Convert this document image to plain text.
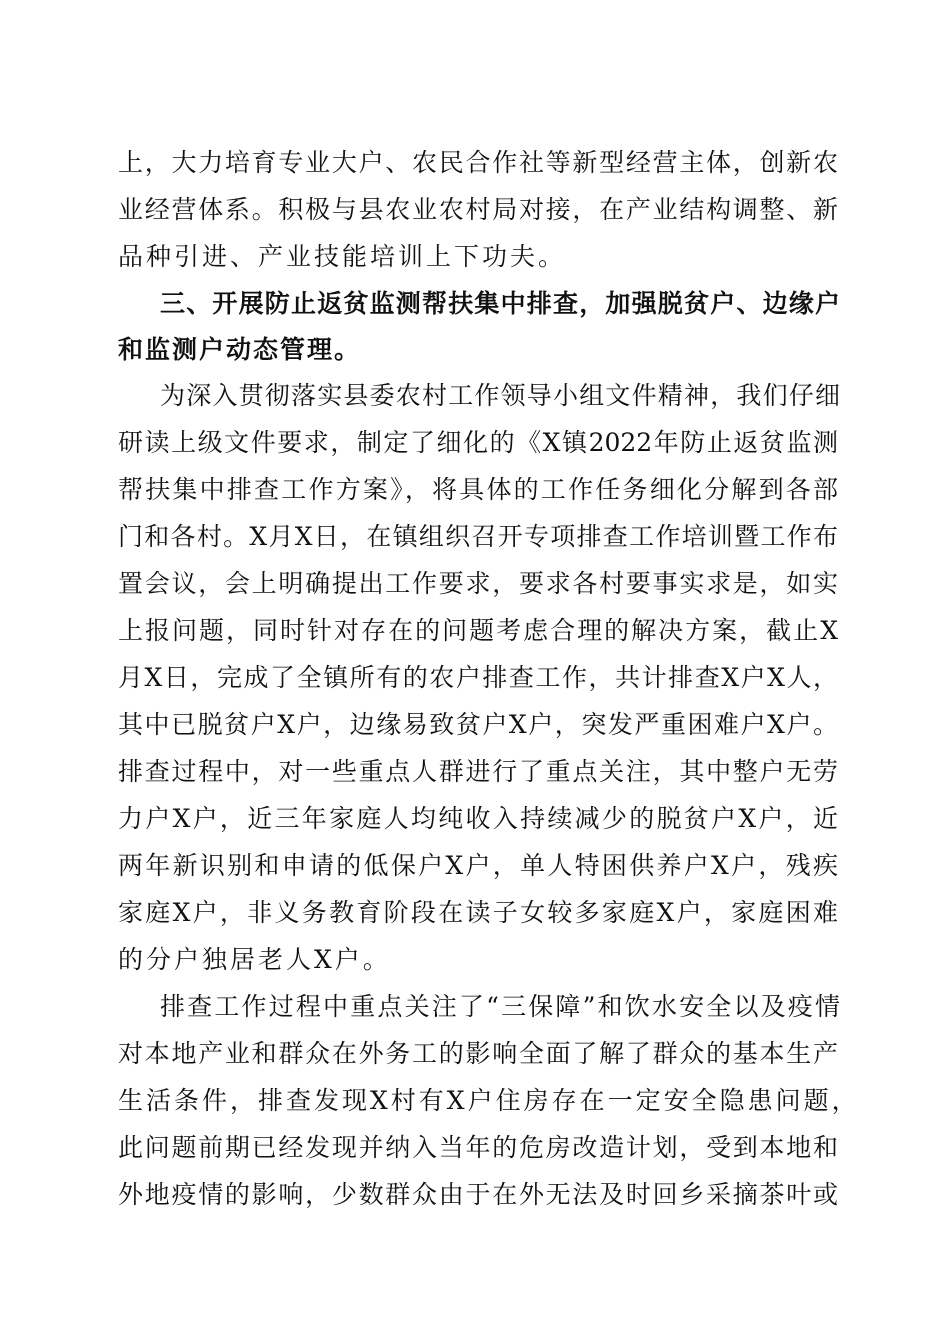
上，大力培育专业大户、农民合作社等新型经营主体，创新农
业经营体系。积极与县农业农村局对接，在产业结构调整、新
品种引进、产业技能培训上下功夫。
三、开展防止返贫监测帮扶集中排查，加强脱贫户、边缘户
和监测户动态管理。
为深入贯彻落实县委农村工作领导小组文件精神，我们仔细
研读上级文件要求，制定了细化的《X镇2022年防止返贫监测
帮扶集中排查工作方案》，将具体的工作任务细化分解到各部
门和各村。X月X日，在镇组织召开专项排查工作培训暨工作布
置会议，会上明确提出工作要求，要求各村要事实求是，如实
上报问题，同时针对存在的问题考虑合理的解决方案，截止X
月X日，完成了全镇所有的农户排查工作，共计排查X户X人，
其中已脱贫户X户，边缘易致贫户X户，突发严重困难户X户。
排查过程中，对一些重点人群进行了重点关注，其中整户无劳
力户X户，近三年家庭人均纯收入持续减少的脱贫户X户，近
两年新识别和申请的低保户X户，单人特困供养户X户，残疾
家庭X户，非义务教育阶段在读子女较多家庭X户，家庭困难
的分户独居老人X户。
排查工作过程中重点关注了“三保障”和饮水安全以及疫情
对本地产业和群众在外务工的影响全面了解了群众的基本生产
生活条件，排查发现X村有X户住房存在一定安全隐患问题，
此问题前期已经发现并纳入当年的危房改造计划，受到本地和
外地疫情的影响，少数群众由于在外无法及时回乡采摘茶叶或
